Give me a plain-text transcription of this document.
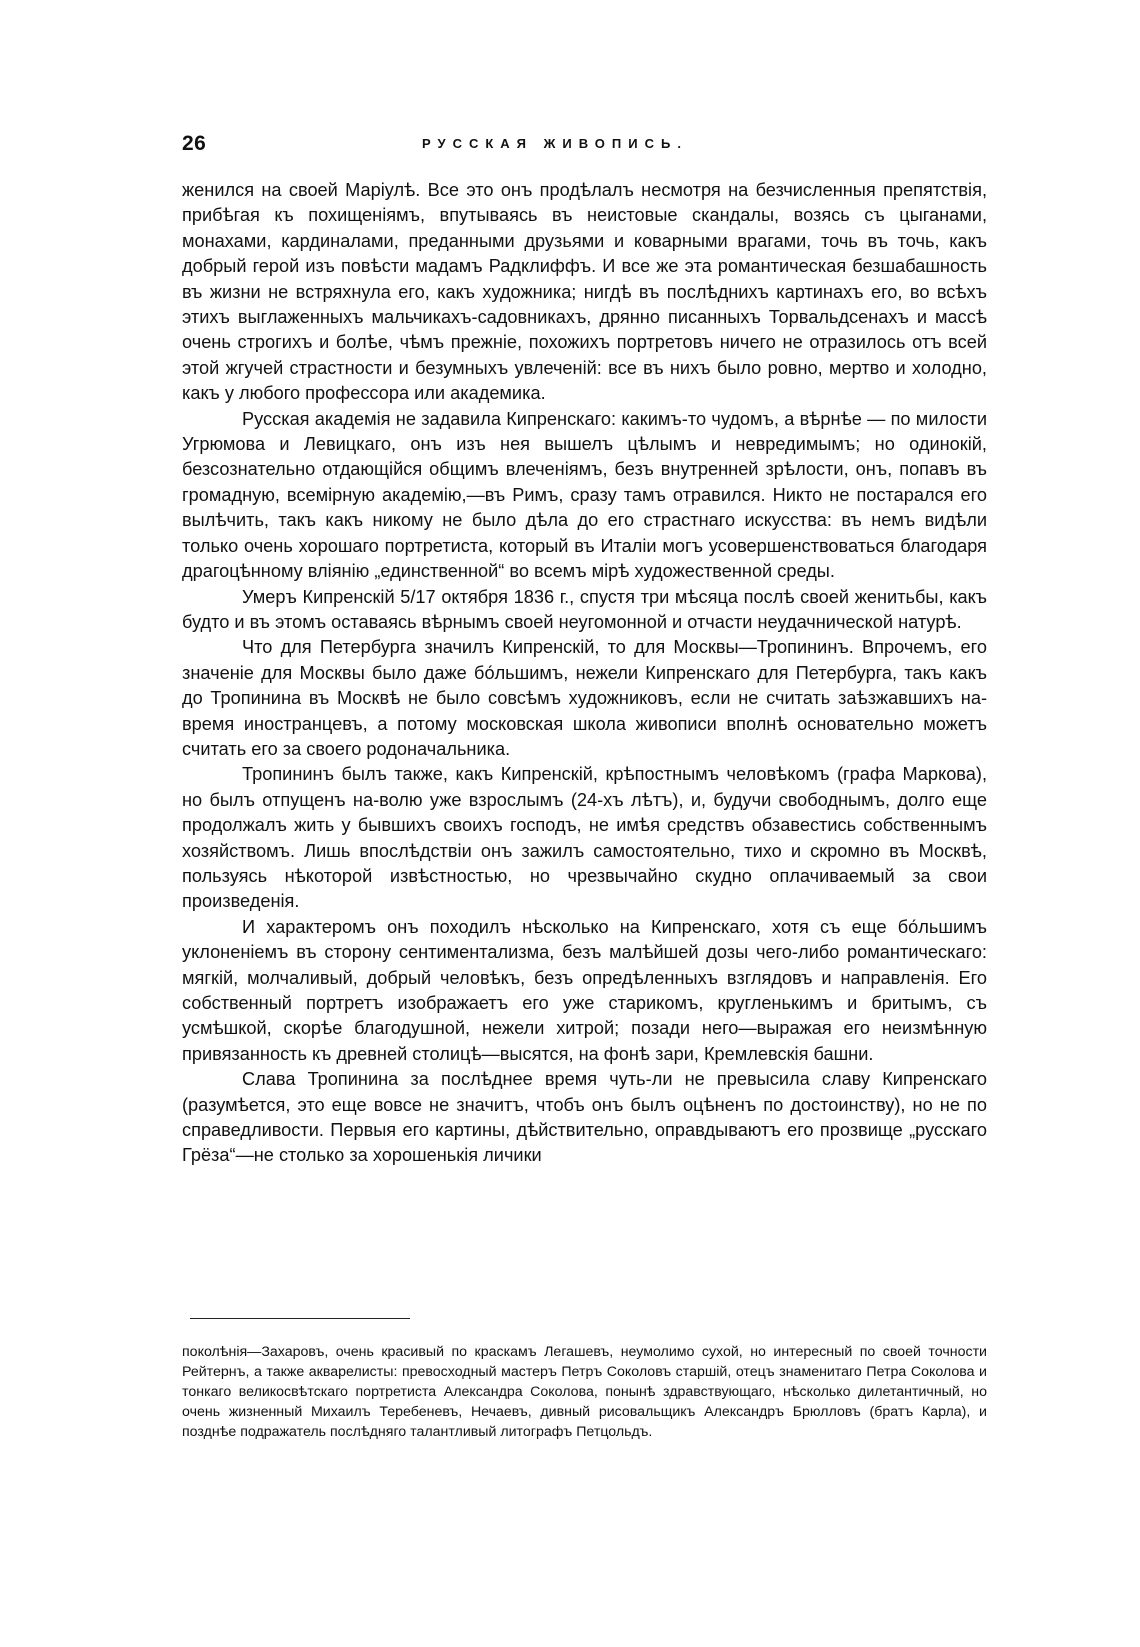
26	РУССКАЯ ЖИВОПИСЬ.

женился на своей Маріулѣ. Все это онъ продѣлалъ несмотря на безчисленныя препятствія, прибѣгая къ похищеніямъ, впутываясь въ неистовые скандалы, возясь съ цыганами, монахами, кардиналами, преданными друзьями и коварными врагами, точь въ точь, какъ добрый герой изъ повѣсти мадамъ Радклиффъ. И все же эта романтическая безшабашность въ жизни не встряхнула его, какъ художника; нигдѣ въ послѣднихъ картинахъ его, во всѣхъ этихъ выглаженныхъ мальчикахъ-садовникахъ, дрянно писанныхъ Торвальдсенахъ и массѣ очень строгихъ и болѣе, чѣмъ прежніе, похожихъ портретовъ ничего не отразилось отъ всей этой жгучей страстности и безумныхъ увлеченій: все въ нихъ было ровно, мертво и холодно, какъ у любого профессора или академика.

Русская академія не задавила Кипренскаго: какимъ-то чудомъ, а вѣрнѣе — по милости Угрюмова и Левицкаго, онъ изъ нея вышелъ цѣлымъ и невредимымъ; но одинокій, безсознательно отдающійся общимъ влеченіямъ, безъ внутренней зрѣлости, онъ, попавъ въ громадную, всемірную академію,—въ Римъ, сразу тамъ отравился. Никто не постарался его вылѣчить, такъ какъ никому не было дѣла до его страстнаго искусства: въ немъ видѣли только очень хорошаго портретиста, который въ Италіи могъ усовершенствоваться благодаря драгоцѣнному вліянію „единственной“ во всемъ мірѣ художественной среды.

Умеръ Кипренскій 5/17 октября 1836 г., спустя три мѣсяца послѣ своей женитьбы, какъ будто и въ этомъ оставаясь вѣрнымъ своей неугомонной и отчасти неудачнической натурѣ.

Что для Петербурга значилъ Кипренскій, то для Москвы—Тропининъ. Впрочемъ, его значеніе для Москвы было даже бо́льшимъ, нежели Кипренскаго для Петербурга, такъ какъ до Тропинина въ Москвѣ не было совсѣмъ художниковъ, если не считать заѣзжавшихъ на-время иностранцевъ, а потому московская школа живописи вполнѣ основательно можетъ считать его за своего родоначальника.

Тропининъ былъ также, какъ Кипренскій, крѣпостнымъ человѣкомъ (графа Маркова), но былъ отпущенъ на-волю уже взрослымъ (24-хъ лѣтъ), и, будучи свободнымъ, долго еще продолжалъ жить у бывшихъ своихъ господъ, не имѣя средствъ обзавестись собственнымъ хозяйствомъ. Лишь впослѣдствіи онъ зажилъ самостоятельно, тихо и скромно въ Москвѣ, пользуясь нѣкоторой извѣстностью, но чрезвычайно скудно оплачиваемый за свои произведенія.

И характеромъ онъ походилъ нѣсколько на Кипренскаго, хотя съ еще бо́льшимъ уклоненіемъ въ сторону сентиментализма, безъ малѣйшей дозы чего-либо романтическаго: мягкій, молчаливый, добрый человѣкъ, безъ опредѣленныхъ взглядовъ и направленія. Его собственный портретъ изображаетъ его уже старикомъ, кругленькимъ и бритымъ, съ усмѣшкой, скорѣе благодушной, нежели хитрой; позади него—выражая его неизмѣнную привязанность къ древней столицѣ—высятся, на фонѣ зари, Кремлевскія башни.

Слава Тропинина за послѣднее время чуть-ли не превысила славу Кипренскаго (разумѣется, это еще вовсе не значитъ, чтобъ онъ былъ оцѣненъ по достоинству), но не по справедливости. Первыя его картины, дѣйствительно, оправдываютъ его прозвище „русскаго Грёза“—не столько за хорошенькія личики

поколѣнія—Захаровъ, очень красивый по краскамъ Легашевъ, неумолимо сухой, но интересный по своей точности Рейтернъ, а также акварелисты: превосходный мастеръ Петръ Соколовъ старшій, отецъ знаменитаго Петра Соколова и тонкаго великосвѣтскаго портретиста Александра Соколова, понынѣ здравствующаго, нѣсколько дилетантичный, но очень жизненный Михаилъ Теребеневъ, Нечаевъ, дивный рисовальщикъ Александръ Брюлловъ (братъ Карла), и позднѣе подражатель послѣдняго талантливый литографъ Петцольдъ.
